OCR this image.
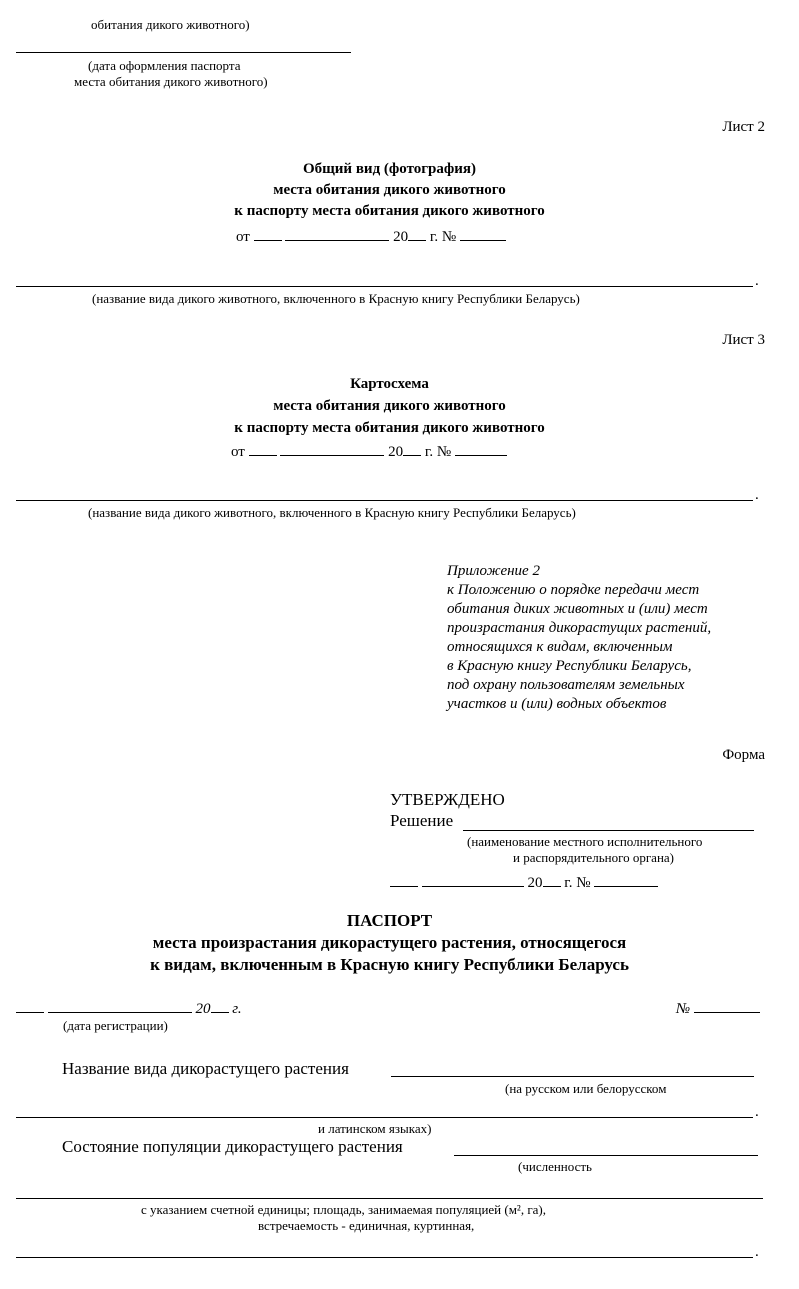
обитания дикого животного)
(дата оформления паспорта
места обитания дикого животного)
Лист 2
Общий вид (фотография)
места обитания дикого животного
к паспорту места обитания дикого животного
от	20 г. №
.
(название вида дикого животного, включенного в Красную книгу Республики Беларусь)
Лист 3
Картосхема
места обитания дикого животного
к паспорту места обитания дикого животного
от	20 г. №
.
(название вида дикого животного, включенного в Красную книгу Республики Беларусь)
Приложение 2
к Положению о порядке передачи мест
обитания диких животных и (или) мест
произрастания дикорастущих растений,
относящихся к видам, включенным
в Красную книгу Республики Беларусь,
под охрану пользователям земельных
участков и (или) водных объектов
Форма
УТВЕРЖДЕНО
Решение
(наименование местного исполнительного
и распорядительного органа)
20 г. №
ПАСПОРТ
места произрастания дикорастущего растения, относящегося
к видам, включенным в Красную книгу Республики Беларусь
20 г.	№
(дата регистрации)
Название вида дикорастущего растения
(на русском или белорусском
.
и латинском языках)
Состояние популяции дикорастущего растения
(численность
с указанием счетной единицы; площадь, занимаемая популяцией (м², га),
встречаемость - единичная, куртинная,
.
